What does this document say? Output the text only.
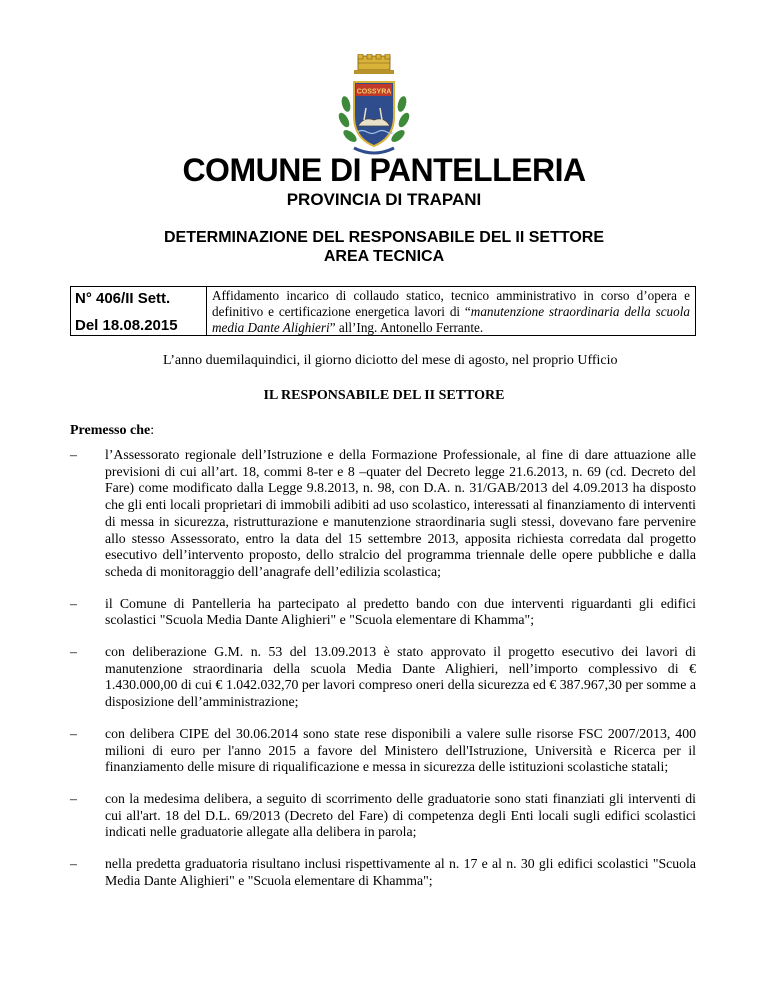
COSSYRA
COMUNE DI PANTELLERIA
PROVINCIA DI TRAPANI
DETERMINAZIONE DEL RESPONSABILE DEL II SETTORE
AREA TECNICA
N° 406/II Sett.
Del 18.08.2015
Affidamento incarico di collaudo statico, tecnico amministrativo in corso d’opera e definitivo e certificazione energetica lavori di “manutenzione straordinaria della scuola media Dante Alighieri” all’Ing. Antonello Ferrante.
L’anno duemilaquindici, il giorno diciotto del mese di agosto, nel proprio Ufficio
IL RESPONSABILE DEL II SETTORE
Premesso che:
– l’Assessorato regionale dell’Istruzione e della Formazione Professionale, al fine di dare attuazione alle previsioni di cui all’art. 18, commi 8-ter e 8 –quater del Decreto legge 21.6.2013, n. 69 (cd. Decreto del Fare) come modificato dalla Legge 9.8.2013, n. 98, con D.A. n. 31/GAB/2013 del 4.09.2013 ha disposto che gli enti locali proprietari di immobili adibiti ad uso scolastico, interessati al finanziamento di interventi di messa in sicurezza, ristrutturazione e manutenzione straordinaria sugli stessi, dovevano fare pervenire allo stesso Assessorato, entro la data del 15 settembre 2013, apposita richiesta corredata dal progetto esecutivo dell’intervento proposto, dello stralcio del programma triennale delle opere pubbliche e dalla scheda di monitoraggio dell’anagrafe dell’edilizia scolastica;
– il Comune di Pantelleria ha partecipato al predetto bando con due interventi riguardanti gli edifici scolastici "Scuola Media Dante Alighieri" e "Scuola elementare di Khamma";
– con deliberazione G.M. n. 53 del 13.09.2013 è stato approvato il progetto esecutivo dei lavori di manutenzione straordinaria della scuola Media Dante Alighieri, nell’importo complessivo di € 1.430.000,00 di cui € 1.042.032,70 per lavori compreso oneri della sicurezza ed € 387.967,30 per somme a disposizione dell’amministrazione;
– con delibera CIPE del 30.06.2014 sono state rese disponibili a valere sulle risorse FSC 2007/2013, 400 milioni di euro per l'anno 2015 a favore del Ministero dell'Istruzione, Università e Ricerca per il finanziamento delle misure di riqualificazione e messa in sicurezza delle istituzioni scolastiche statali;
– con la medesima delibera, a seguito di scorrimento delle graduatorie sono stati finanziati gli interventi di cui all'art. 18 del D.L. 69/2013 (Decreto del Fare) di competenza degli Enti locali sugli edifici scolastici indicati nelle graduatorie allegate alla delibera in parola;
– nella predetta graduatoria risultano inclusi rispettivamente al n. 17 e al n. 30 gli edifici scolastici "Scuola Media Dante Alighieri" e "Scuola elementare di Khamma";
